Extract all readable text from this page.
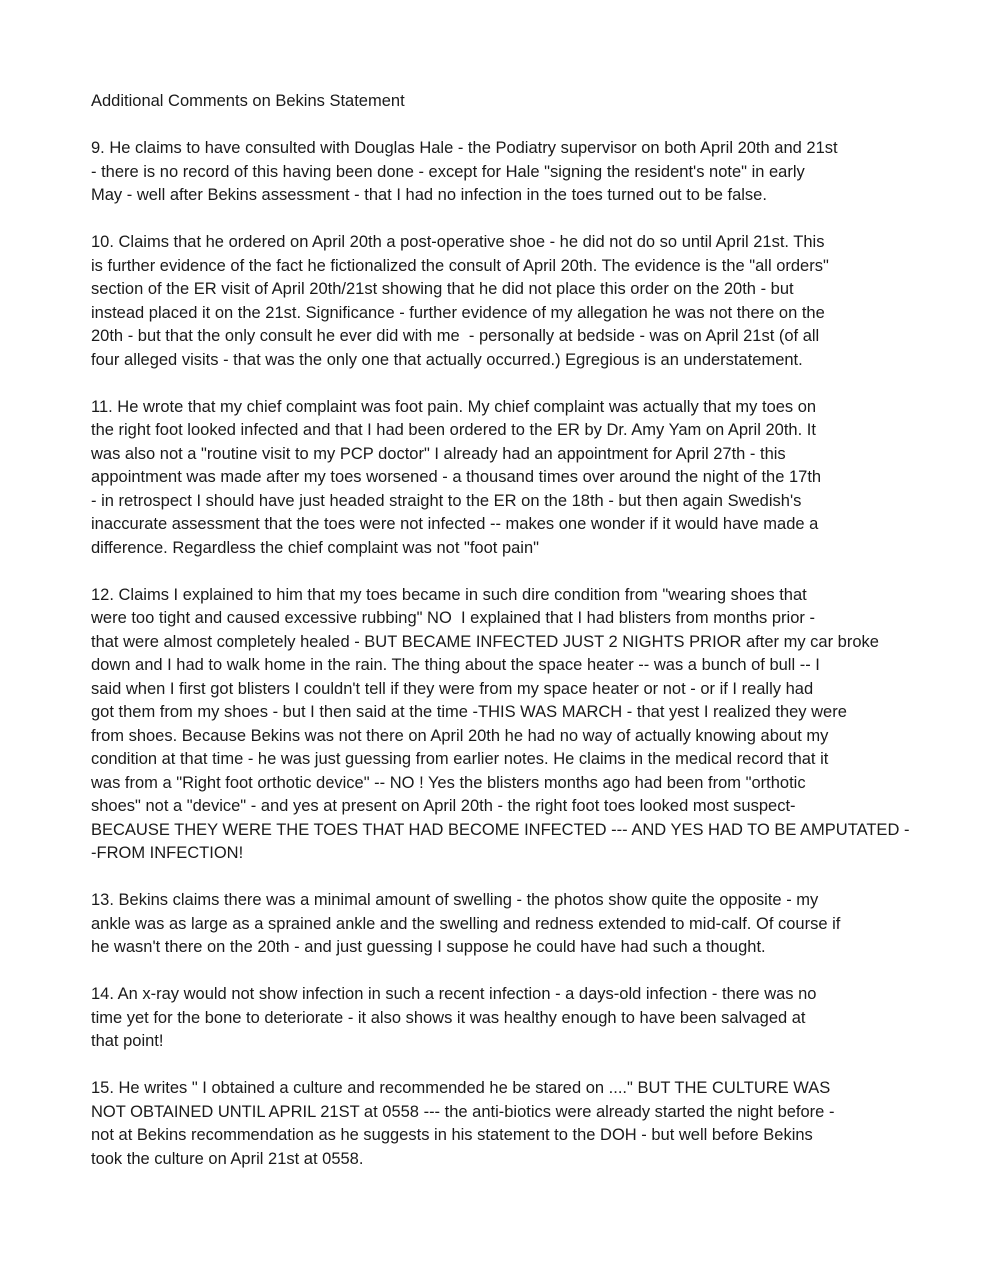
Additional Comments on Bekins Statement
9. He claims to have consulted with Douglas Hale - the Podiatry supervisor on both April 20th and 21st
- there is no record of this having been done - except for Hale "signing the resident's note" in early
May - well after Bekins assessment - that I had no infection in the toes turned out to be false.
10. Claims that he ordered on April 20th a post-operative shoe - he did not do so until April 21st. This
is further evidence of the fact he fictionalized the consult of April 20th. The evidence is the "all orders"
section of the ER visit of April 20th/21st showing that he did not place this order on the 20th - but
instead placed it on the 21st. Significance - further evidence of my allegation he was not there on the
20th - but that the only consult he ever did with me  - personally at bedside - was on April 21st (of all
four alleged visits - that was the only one that actually occurred.) Egregious is an understatement.
11. He wrote that my chief complaint was foot pain. My chief complaint was actually that my toes on
the right foot looked infected and that I had been ordered to the ER by Dr. Amy Yam on April 20th. It
was also not a "routine visit to my PCP doctor" I already had an appointment for April 27th - this
appointment was made after my toes worsened - a thousand times over around the night of the 17th
- in retrospect I should have just headed straight to the ER on the 18th - but then again Swedish's
inaccurate assessment that the toes were not infected -- makes one wonder if it would have made a
difference. Regardless the chief complaint was not "foot pain"
12. Claims I explained to him that my toes became in such dire condition from "wearing shoes that
were too tight and caused excessive rubbing" NO  I explained that I had blisters from months prior -
that were almost completely healed - BUT BECAME INFECTED JUST 2 NIGHTS PRIOR after my car broke
down and I had to walk home in the rain. The thing about the space heater -- was a bunch of bull -- I
said when I first got blisters I couldn't tell if they were from my space heater or not - or if I really had
got them from my shoes - but I then said at the time -THIS WAS MARCH - that yest I realized they were
from shoes. Because Bekins was not there on April 20th he had no way of actually knowing about my
condition at that time - he was just guessing from earlier notes. He claims in the medical record that it
was from a "Right foot orthotic device" -- NO ! Yes the blisters months ago had been from "orthotic
shoes" not a "device" - and yes at present on April 20th - the right foot toes looked most suspect-
BECAUSE THEY WERE THE TOES THAT HAD BECOME INFECTED --- AND YES HAD TO BE AMPUTATED -
-FROM INFECTION!
13. Bekins claims there was a minimal amount of swelling - the photos show quite the opposite - my
ankle was as large as a sprained ankle and the swelling and redness extended to mid-calf. Of course if
he wasn't there on the 20th - and just guessing I suppose he could have had such a thought.
14. An x-ray would not show infection in such a recent infection - a days-old infection - there was no
time yet for the bone to deteriorate - it also shows it was healthy enough to have been salvaged at
that point!
15. He writes " I obtained a culture and recommended he be stared on ...." BUT THE CULTURE WAS
NOT OBTAINED UNTIL APRIL 21ST at 0558 --- the anti-biotics were already started the night before -
not at Bekins recommendation as he suggests in his statement to the DOH - but well before Bekins
took the culture on April 21st at 0558.
